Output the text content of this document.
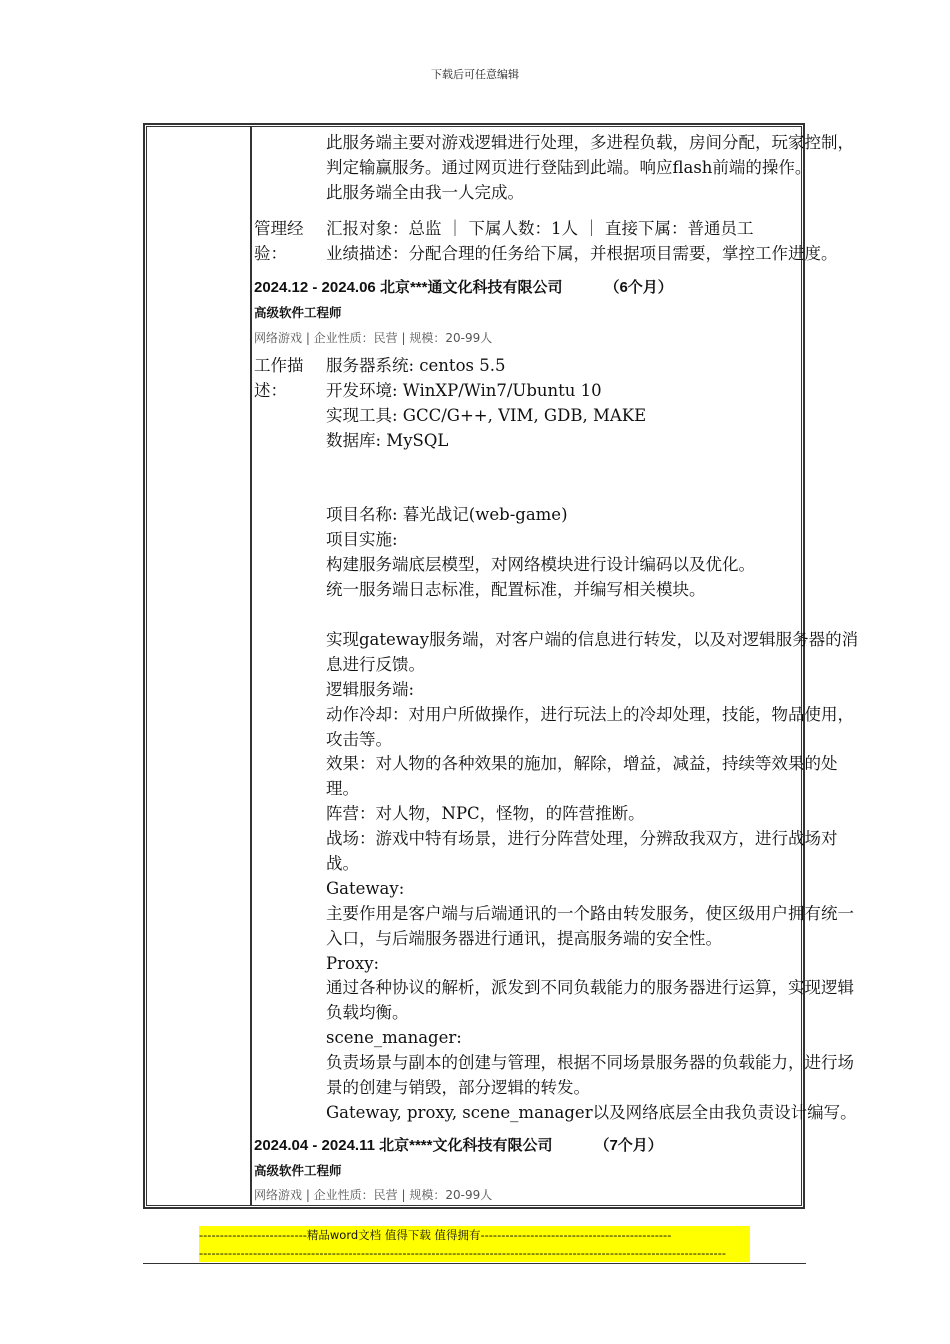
下载后可任意编辑
此服务端主要对游戏逻辑进行处理，多进程负载，房间分配，玩家控制，
判定输赢服务。通过网页进行登陆到此端。响应flash前端的操作。
此服务端全由我一人完成。
管理经
验：
汇报对象：总监 ｜ 下属人数：1人 ｜ 直接下属：普通员工
业绩描述：分配合理的任务给下属，并根据项目需要，掌控工作进度。
2024.12 - 2024.06 北京***通文化科技有限公司	（6个月）
高级软件工程师
网络游戏 | 企业性质：民营 | 规模：20-99人
工作描
述：
服务器系统: centos 5.5
开发环境: WinXP/Win7/Ubuntu 10
实现工具: GCC/G++, VIM, GDB, MAKE
数据库: MySQL
项目名称: 暮光战记(web-game)
项目实施:
构建服务端底层模型，对网络模块进行设计编码以及优化。
统一服务端日志标准，配置标准，并编写相关模块。
实现gateway服务端，对客户端的信息进行转发，以及对逻辑服务器的消
息进行反馈。
逻辑服务端:
动作冷却：对用户所做操作，进行玩法上的冷却处理，技能，物品使用，
攻击等。
效果：对人物的各种效果的施加，解除，增益，减益，持续等效果的处
理。
阵营：对人物，NPC，怪物，的阵营推断。
战场：游戏中特有场景，进行分阵营处理，分辨敌我双方，进行战场对
战。
Gateway:
主要作用是客户端与后端通讯的一个路由转发服务，使区级用户拥有统一
入口，与后端服务器进行通讯，提高服务端的安全性。
Proxy:
通过各种协议的解析，派发到不同负载能力的服务器进行运算，实现逻辑
负载均衡。
scene_manager:
负责场景与副本的创建与管理，根据不同场景服务器的负载能力，进行场
景的创建与销毁，部分逻辑的转发。
Gateway, proxy, scene_manager以及网络底层全由我负责设计编写。
2024.04 - 2024.11 北京****文化科技有限公司	（7个月）
高级软件工程师
网络游戏 | 企业性质：民营 | 规模：20-99人
--------------------------精品word文档 值得下载 值得拥有----------------------------------------------
-------------------------------------------------------------------------------------------------------------------------------
